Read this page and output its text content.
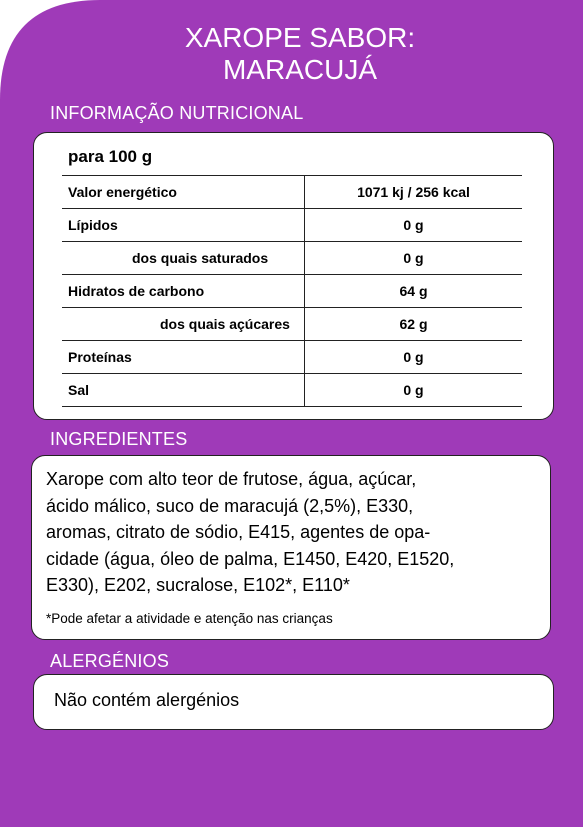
XAROPE SABOR:
MARACUJÁ
INFORMAÇÃO NUTRICIONAL
para 100 g
Valor energético	1071 kj / 256 kcal
Lípidos	0 g
dos quais saturados	0 g
Hidratos de carbono	64 g
dos quais açúcares	62 g
Proteínas	0 g
Sal	0 g
INGREDIENTES
Xarope com alto teor de frutose, água, açúcar,
ácido málico, suco de maracujá (2,5%), E330,
aromas, citrato de sódio, E415, agentes de opa-
cidade (água, óleo de palma, E1450, E420, E1520,
E330), E202, sucralose, E102*, E110*
*Pode afetar a atividade e atenção nas crianças
ALERGÉNIOS
Não contém alergénios
